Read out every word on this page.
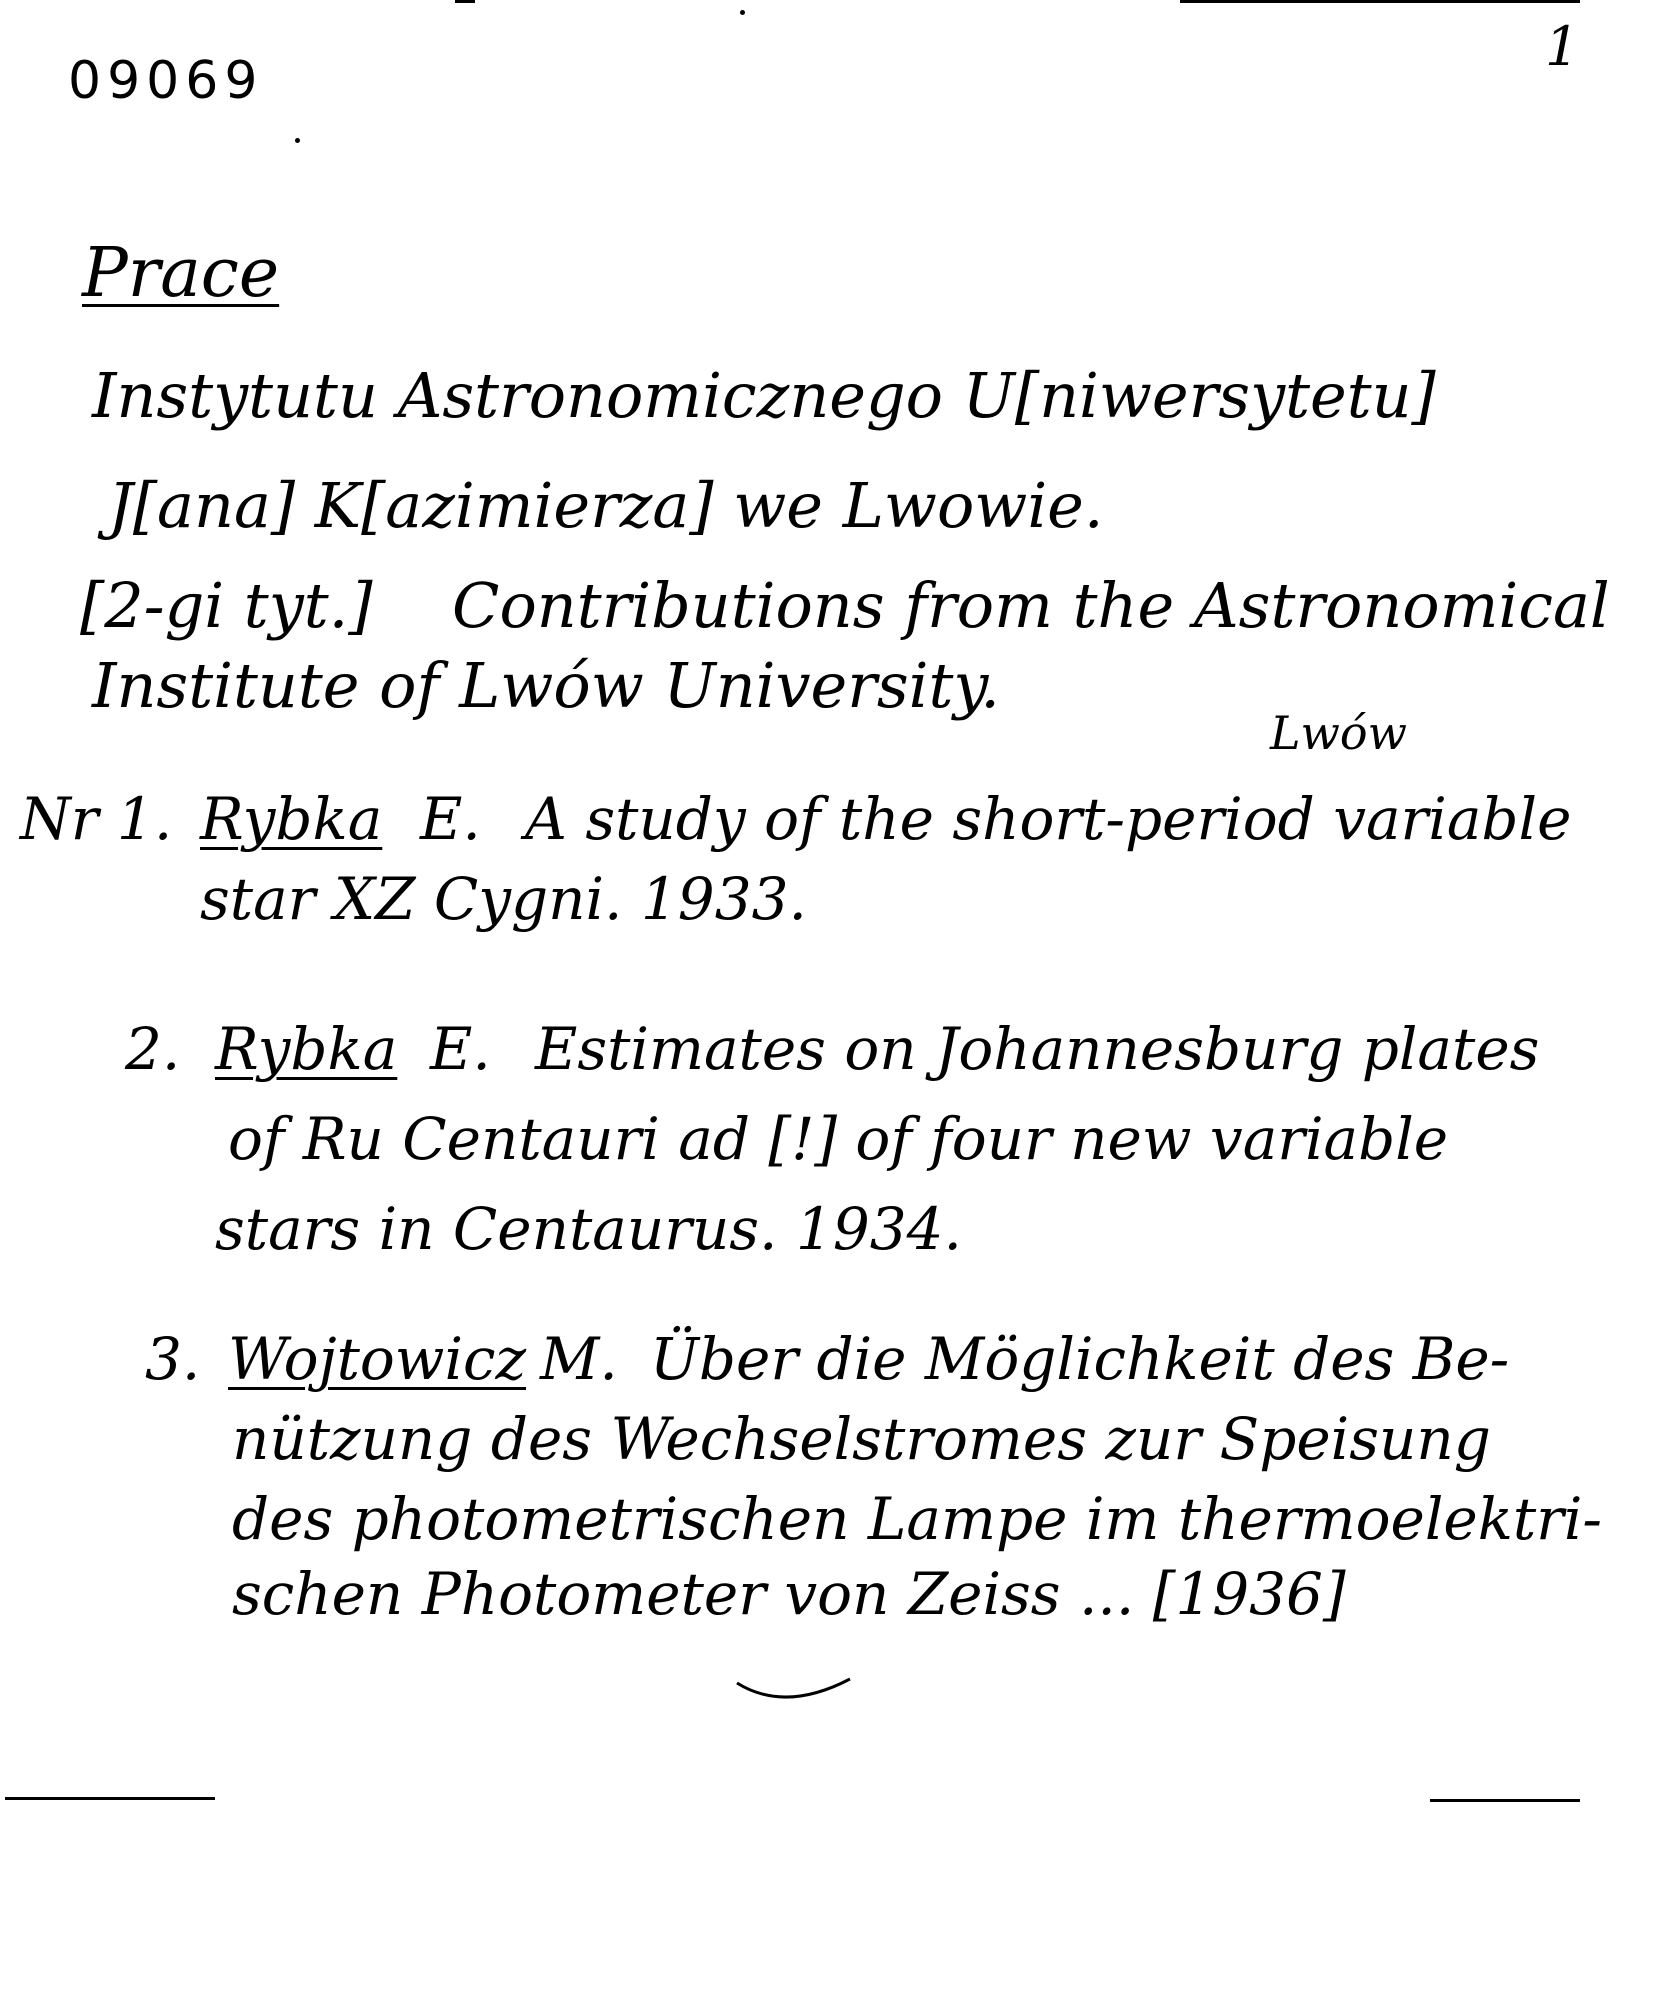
09069
1
Prace
Instytutu Astronomicznego U[niwersytetu]
J[ana] K[azimierza] we Lwowie.
[2-gi tyt.] Contributions from the Astronomical
Institute of Lwów University.
Lwów
Nr 1. Rybka E. A study of the short-period variable
star XZ Cygni. 1933.
2. Rybka E. Estimates on Johannesburg plates
of Ru Centauri ad [!] of four new variable
stars in Centaurus. 1934.
3. Wojtowicz M. Über die Möglichkeit des Be-
nützung des Wechselstromes zur Speisung
des photometrischen Lampe im thermoelektri-
schen Photometer von Zeiss ... [1936]
